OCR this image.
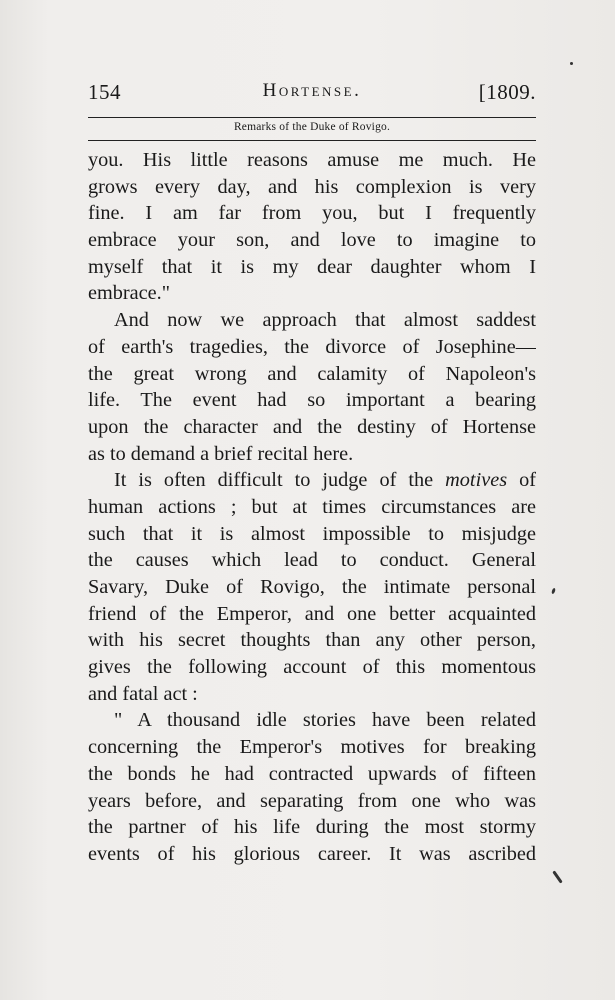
154	Hortense.	[1809.
Remarks of the Duke of Rovigo.
you. His little reasons amuse me much. He
grows every day, and his complexion is very
fine. I am far from you, but I frequently
embrace your son, and love to imagine to
myself that it is my dear daughter whom I
embrace."
And now we approach that almost saddest
of earth's tragedies, the divorce of Josephine—
the great wrong and calamity of Napoleon's
life. The event had so important a bearing
upon the character and the destiny of Hortense
as to demand a brief recital here.
It is often difficult to judge of the motives of
human actions ; but at times circumstances are
such that it is almost impossible to misjudge
the causes which lead to conduct. General
Savary, Duke of Rovigo, the intimate personal
friend of the Emperor, and one better acquainted
with his secret thoughts than any other person,
gives the following account of this momentous
and fatal act :
" A thousand idle stories have been related
concerning the Emperor's motives for breaking
the bonds he had contracted upwards of fifteen
years before, and separating from one who was
the partner of his life during the most stormy
events of his glorious career. It was ascribed
